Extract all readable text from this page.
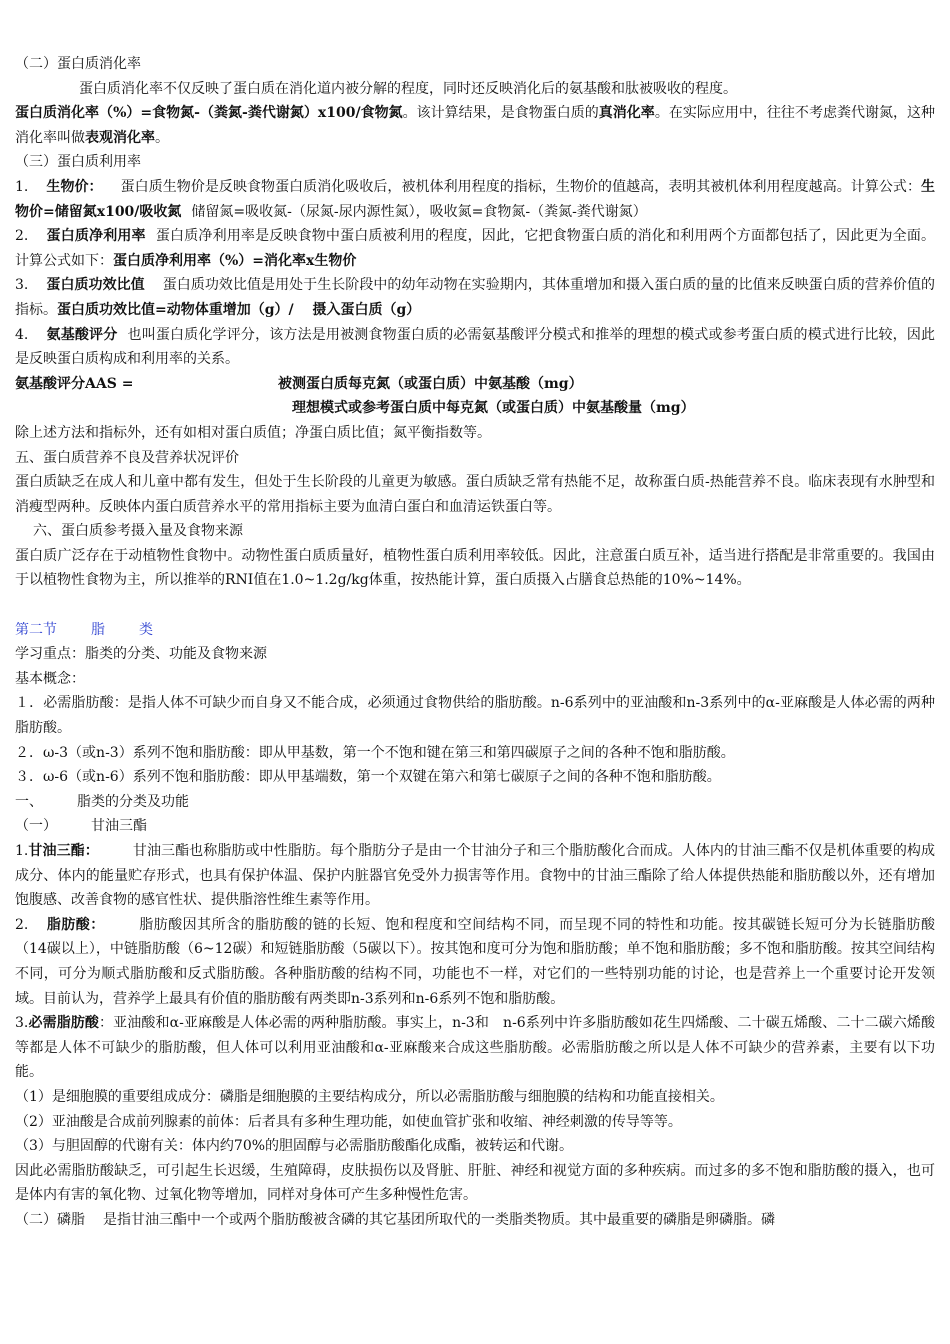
（二）蛋白质消化率
蛋白质消化率不仅反映了蛋白质在消化道内被分解的程度，同时还反映消化后的氨基酸和肽被吸收的程度。
蛋白质消化率（%）=食物氮-（粪氮-粪代谢氮）x100/食物氮。该计算结果，是食物蛋白质的真消化率。在实际应用中，往往不考虑粪代谢氮，这种消化率叫做表观消化率。
（三）蛋白质利用率
1. 生物价： 蛋白质生物价是反映食物蛋白质消化吸收后，被机体利用程度的指标，生物价的值越高，表明其被机体利用程度越高。计算公式：生物价=储留氮x100/吸收氮 储留氮=吸收氮-（尿氮-尿内源性氮），吸收氮=食物氮-（粪氮-粪代谢氮）
2. 蛋白质净利用率 蛋白质净利用率是反映食物中蛋白质被利用的程度，因此，它把食物蛋白质的消化和利用两个方面都包括了，因此更为全面。计算公式如下：蛋白质净利用率（%）=消化率x生物价
3. 蛋白质功效比值 蛋白质功效比值是用处于生长阶段中的幼年动物在实验期内，其体重增加和摄入蛋白质的量的比值来反映蛋白质的营养价值的指标。蛋白质功效比值=动物体重增加（g）/　 摄入蛋白质（g）
4. 氨基酸评分 也叫蛋白质化学评分，该方法是用被测食物蛋白质的必需氨基酸评分模式和推举的理想的模式或参考蛋白质的模式进行比较，因此是反映蛋白质构成和利用率的关系。
氨基酸评分AAS =	被测蛋白质每克氮（或蛋白质）中氨基酸（mg）
理想模式或参考蛋白质中每克氮（或蛋白质）中氨基酸量（mg）
除上述方法和指标外，还有如相对蛋白质值；净蛋白质比值；氮平衡指数等。
五、蛋白质营养不良及营养状况评价
蛋白质缺乏在成人和儿童中都有发生，但处于生长阶段的儿童更为敏感。蛋白质缺乏常有热能不足，故称蛋白质-热能营养不良。临床表现有水肿型和消瘦型两种。反映体内蛋白质营养水平的常用指标主要为血清白蛋白和血清运铁蛋白等。
六、蛋白质参考摄入量及食物来源
蛋白质广泛存在于动植物性食物中。动物性蛋白质质量好，植物性蛋白质利用率较低。因此，注意蛋白质互补，适当进行搭配是非常重要的。我国由于以植物性食物为主，所以推举的RNI值在1.0~1.2g/kg体重，按热能计算，蛋白质摄入占膳食总热能的10%~14%。
第二节 脂 类
学习重点：脂类的分类、功能及食物来源
基本概念：
１．必需脂肪酸：是指人体不可缺少而自身又不能合成，必须通过食物供给的脂肪酸。n-6系列中的亚油酸和n-3系列中的α-亚麻酸是人体必需的两种脂肪酸。
２．ω-3（或n-3）系列不饱和脂肪酸：即从甲基数，第一个不饱和键在第三和第四碳原子之间的各种不饱和脂肪酸。
３．ω-6（或n-6）系列不饱和脂肪酸：即从甲基端数，第一个双键在第六和第七碳原子之间的各种不饱和脂肪酸。
一、 脂类的分类及功能
（一） 甘油三酯
1.甘油三酯： 甘油三酯也称脂肪或中性脂肪。每个脂肪分子是由一个甘油分子和三个脂肪酸化合而成。人体内的甘油三酯不仅是机体重要的构成成分、体内的能量贮存形式，也具有保护体温、保护内脏器官免受外力损害等作用。食物中的甘油三酯除了给人体提供热能和脂肪酸以外，还有增加饱腹感、改善食物的感官性状、提供脂溶性维生素等作用。
2. 脂肪酸： 脂肪酸因其所含的脂肪酸的链的长短、饱和程度和空间结构不同，而呈现不同的特性和功能。按其碳链长短可分为长链脂肪酸（14碳以上），中链脂肪酸（6~12碳）和短链脂肪酸（5碳以下）。按其饱和度可分为饱和脂肪酸；单不饱和脂肪酸；多不饱和脂肪酸。按其空间结构不同，可分为顺式脂肪酸和反式脂肪酸。各种脂肪酸的结构不同，功能也不一样，对它们的一些特别功能的讨论，也是营养上一个重要讨论开发领域。目前认为，营养学上最具有价值的脂肪酸有两类即n-3系列和n-6系列不饱和脂肪酸。
3.必需脂肪酸：亚油酸和α-亚麻酸是人体必需的两种脂肪酸。事实上，n-3和　n-6系列中许多脂肪酸如花生四烯酸、二十碳五烯酸、二十二碳六烯酸等都是人体不可缺少的脂肪酸，但人体可以利用亚油酸和α-亚麻酸来合成这些脂肪酸。必需脂肪酸之所以是人体不可缺少的营养素，主要有以下功能。
（1）是细胞膜的重要组成成分：磷脂是细胞膜的主要结构成分，所以必需脂肪酸与细胞膜的结构和功能直接相关。
（2）亚油酸是合成前列腺素的前体：后者具有多种生理功能，如使血管扩张和收缩、神经刺激的传导等等。
（3）与胆固醇的代谢有关：体内约70%的胆固醇与必需脂肪酸酯化成酯，被转运和代谢。
因此必需脂肪酸缺乏，可引起生长迟缓，生殖障碍，皮肤损伤以及肾脏、肝脏、神经和视觉方面的多种疾病。而过多的多不饱和脂肪酸的摄入，也可是体内有害的氧化物、过氧化物等增加，同样对身体可产生多种慢性危害。
（二）磷脂 是指甘油三酯中一个或两个脂肪酸被含磷的其它基团所取代的一类脂类物质。其中最重要的磷脂是卵磷脂。磷
